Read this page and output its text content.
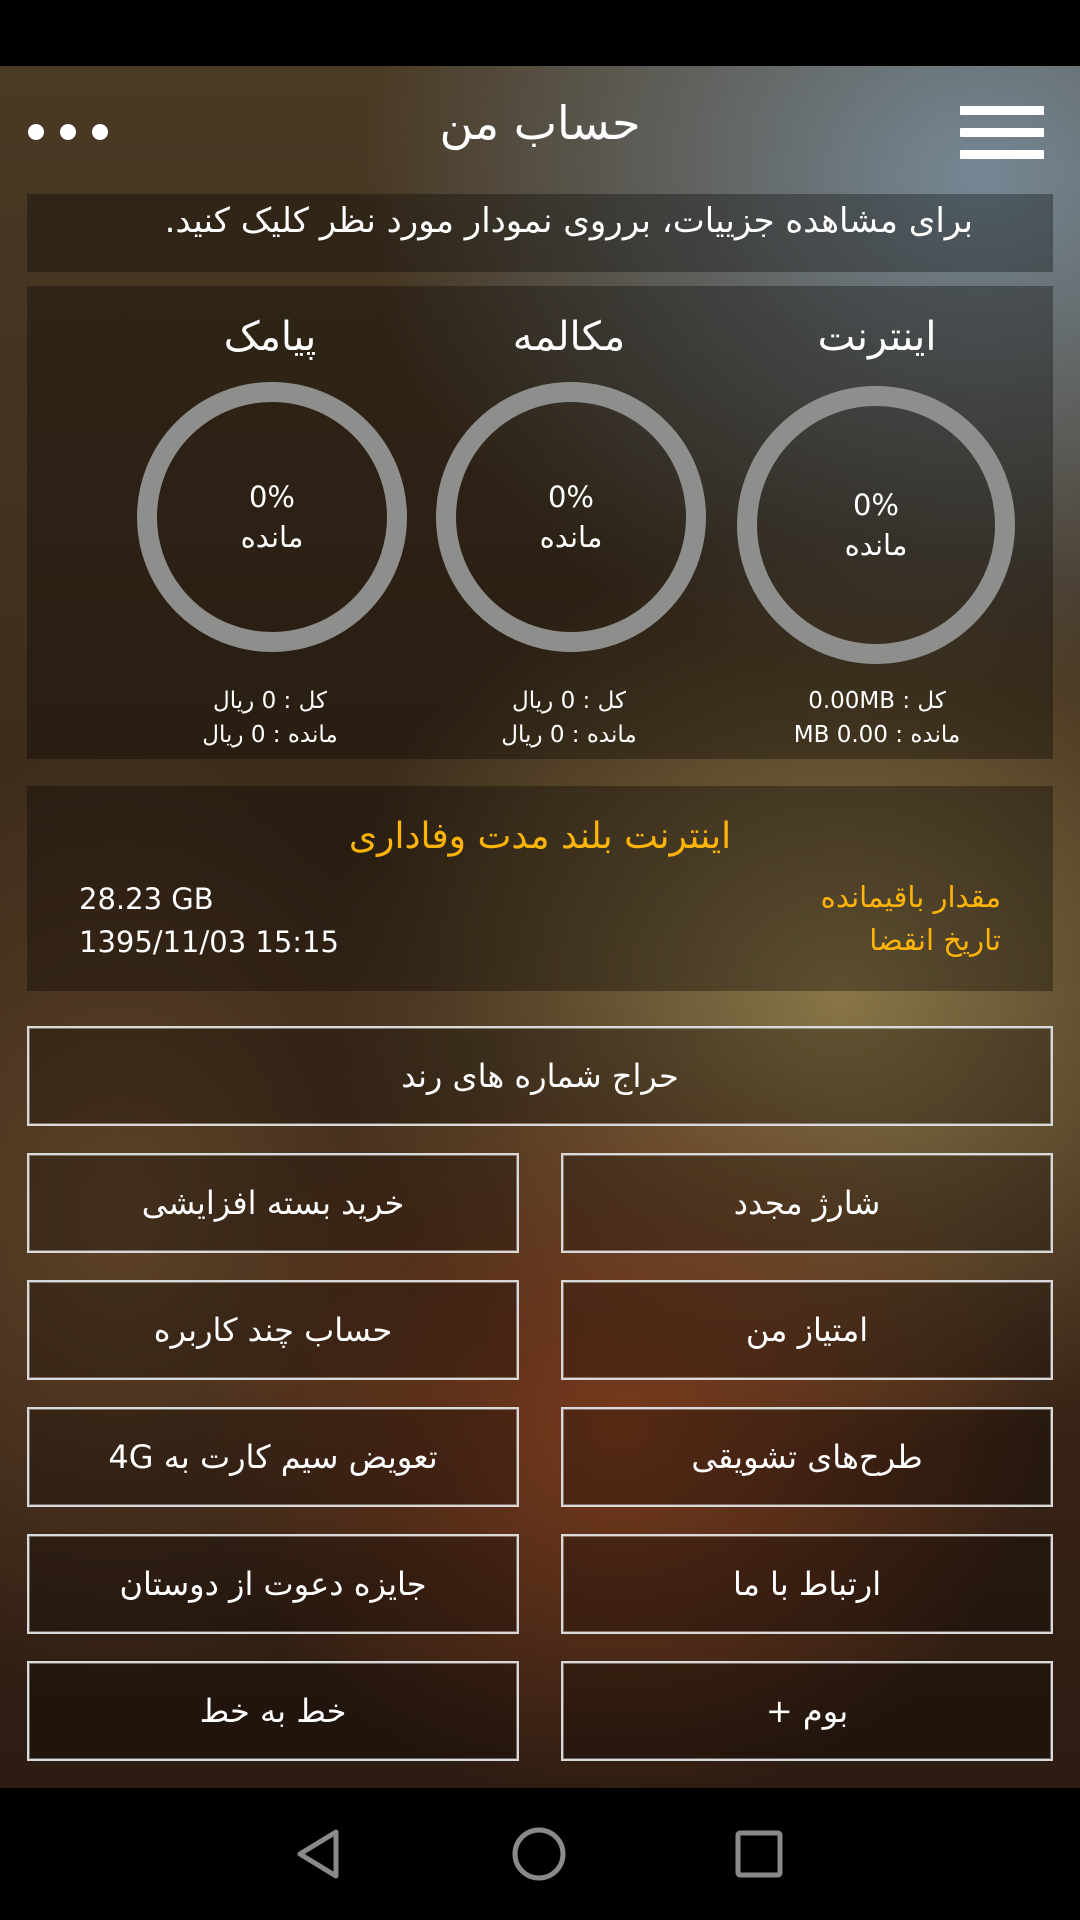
حساب من
برای مشاهده جزییات، برروی نمودار مورد نظر کلیک کنید.
اینترنت
0%
مانده
کل : 0.00MB
مانده : 0.00 MB
مکالمه
0%
مانده
کل : 0 ریال
مانده : 0 ریال
پیامک
0%
مانده
کل : 0 ریال
مانده : 0 ریال
اینترنت بلند مدت وفاداری
مقدار باقیمانده
28.23 GB
تاریخ انقضا
1395/11/03 15:15
حراج شماره های رند
شارژ مجدد
خرید بسته افزایشی
امتیاز من
حساب چند کاربره
طرح‌های تشویقی
تعویض سیم کارت به 4G
ارتباط با ما
جایزه دعوت از دوستان
بوم +
خط به خط
